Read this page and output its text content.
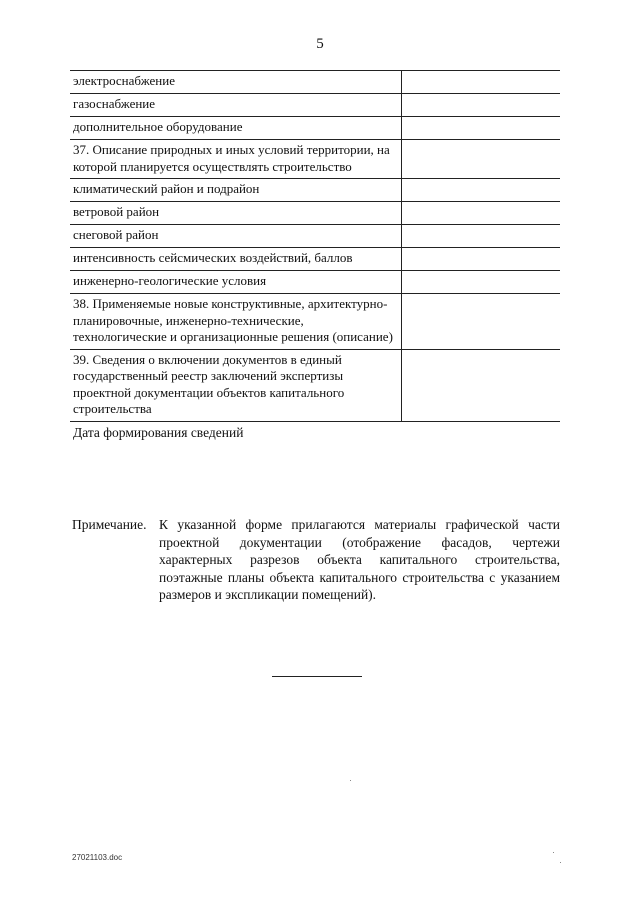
5
электроснабжение	
газоснабжение	
дополнительное оборудование	
37. Описание природных и иных условий территории, на которой планируется осуществлять строительство	
климатический район и подрайон	
ветровой район	
снеговой район	
интенсивность сейсмических воздействий, баллов	
инженерно-геологические условия	
38. Применяемые новые конструктивные, архитектурно-планировочные, инженерно-технические, технологические и организационные решения (описание)	
39. Сведения о включении документов в единый государственный реестр заключений экспертизы проектной документации объектов капитального строительства	
Дата формирования сведений	
Примечание. К указанной форме прилагаются материалы графической части проектной документации (отображение фасадов, чертежи характерных разрезов объекта капитального строительства, поэтажные планы объекта капитального строительства с указанием размеров и экспликации помещений).
27021103.doc
